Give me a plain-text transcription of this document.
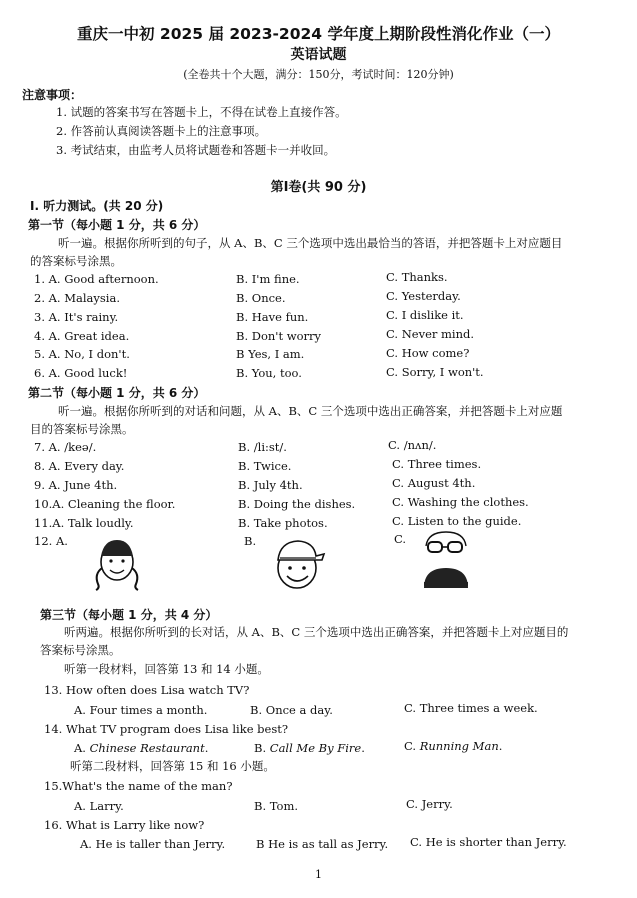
重庆一中初 2025 届 2023-2024 学年度上期阶段性消化作业（一）
英语试题
(全卷共十个大题，满分：150分，考试时间：120分钟)
注意事项：
1. 试题的答案书写在答题卡上，不得在试卷上直接作答。
2. 作答前认真阅读答题卡上的注意事项。
3. 考试结束，由监考人员将试题卷和答题卡一并收回。
第Ⅰ卷(共 90 分)
I. 听力测试。(共 20 分)
第一节（每小题 1 分，共 6 分）
听一遍。根据你所听到的句子，从 A、B、C 三个选项中选出最恰当的答语，并把答题卡上对应题目
的答案标号涂黑。
1. A. Good afternoon.	B. I'm fine.	C. Thanks.
2. A. Malaysia.	B. Once.	C. Yesterday.
3. A. It's rainy.	B. Have fun.	C. I dislike it.
4. A. Great idea.	B. Don't worry	C. Never mind.
5. A. No, I don't.	B Yes, I am.	C. How come?
6. A. Good luck!	B. You, too.	C. Sorry, I won't.
第二节（每小题 1 分，共 6 分）
听一遍。根据你所听到的对话和问题，从 A、B、C 三个选项中选出正确答案，并把答题卡上对应题
目的答案标号涂黑。
7. A. /keə/.	B. /li:st/.	C. /nʌn/.
8. A. Every day.	B. Twice.	C. Three times.
9. A. June 4th.	B. July 4th.	C. August 4th.
10.A. Cleaning the floor.	B. Doing the dishes.	C. Washing the clothes.
11.A. Talk loudly.	B. Take photos.	C. Listen to the guide.
12. A.	B.	C.
第三节（每小题 1 分，共 4 分）
听两遍。根据你所听到的长对话，从 A、B、C 三个选项中选出正确答案，并把答题卡上对应题目的
答案标号涂黑。
听第一段材料，回答第 13 和 14 小题。
13. How often does Lisa watch TV?
A. Four times a month.	B. Once a day.	C. Three times a week.
14. What TV program does Lisa like best?
A. Chinese Restaurant.	B. Call Me By Fire.	C. Running Man.
听第二段材料，回答第 15 和 16 小题。
15.What's the name of the man?
A. Larry.	B. Tom.	C. Jerry.
16. What is Larry like now?
A. He is taller than Jerry.	B He is as tall as Jerry. C. He is shorter than Jerry.
1
